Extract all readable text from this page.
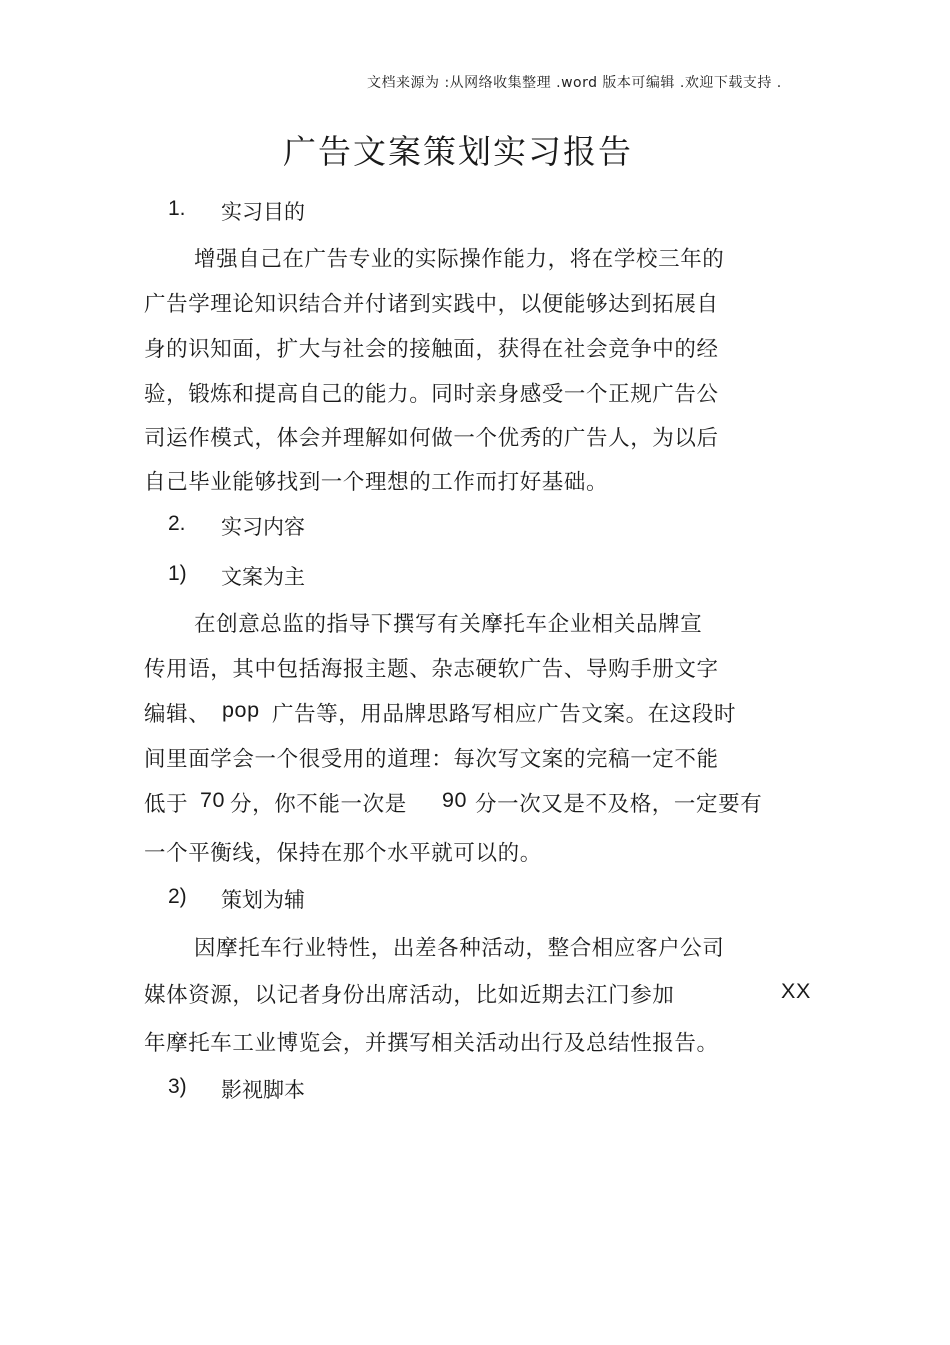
文档来源为 :从网络收集整理 .word 版本可编辑 .欢迎下载支持 .
广告文案策划实习报告
1. 实习目的
增强自己在广告专业的实际操作能力，将在学校三年的
广告学理论知识结合并付诸到实践中，以便能够达到拓展自
身的识知面，扩大与社会的接触面，获得在社会竞争中的经
验，锻炼和提高自己的能力。同时亲身感受一个正规广告公
司运作模式，体会并理解如何做一个优秀的广告人，为以后
自己毕业能够找到一个理想的工作而打好基础。
2. 实习内容
1) 文案为主
在创意总监的指导下撰写有关摩托车企业相关品牌宣
传用语，其中包括海报主题、杂志硬软广告、导购手册文字
编辑、 pop 广告等，用品牌思路写相应广告文案。在这段时
间里面学会一个很受用的道理：每次写文案的完稿一定不能
低于 70 分，你不能一次是 90 分一次又是不及格，一定要有
一个平衡线，保持在那个水平就可以的。
2) 策划为辅
因摩托车行业特性，出差各种活动，整合相应客户公司
媒体资源，以记者身份出席活动，比如近期去江门参加	XX
年摩托车工业博览会，并撰写相关活动出行及总结性报告。
3) 影视脚本
